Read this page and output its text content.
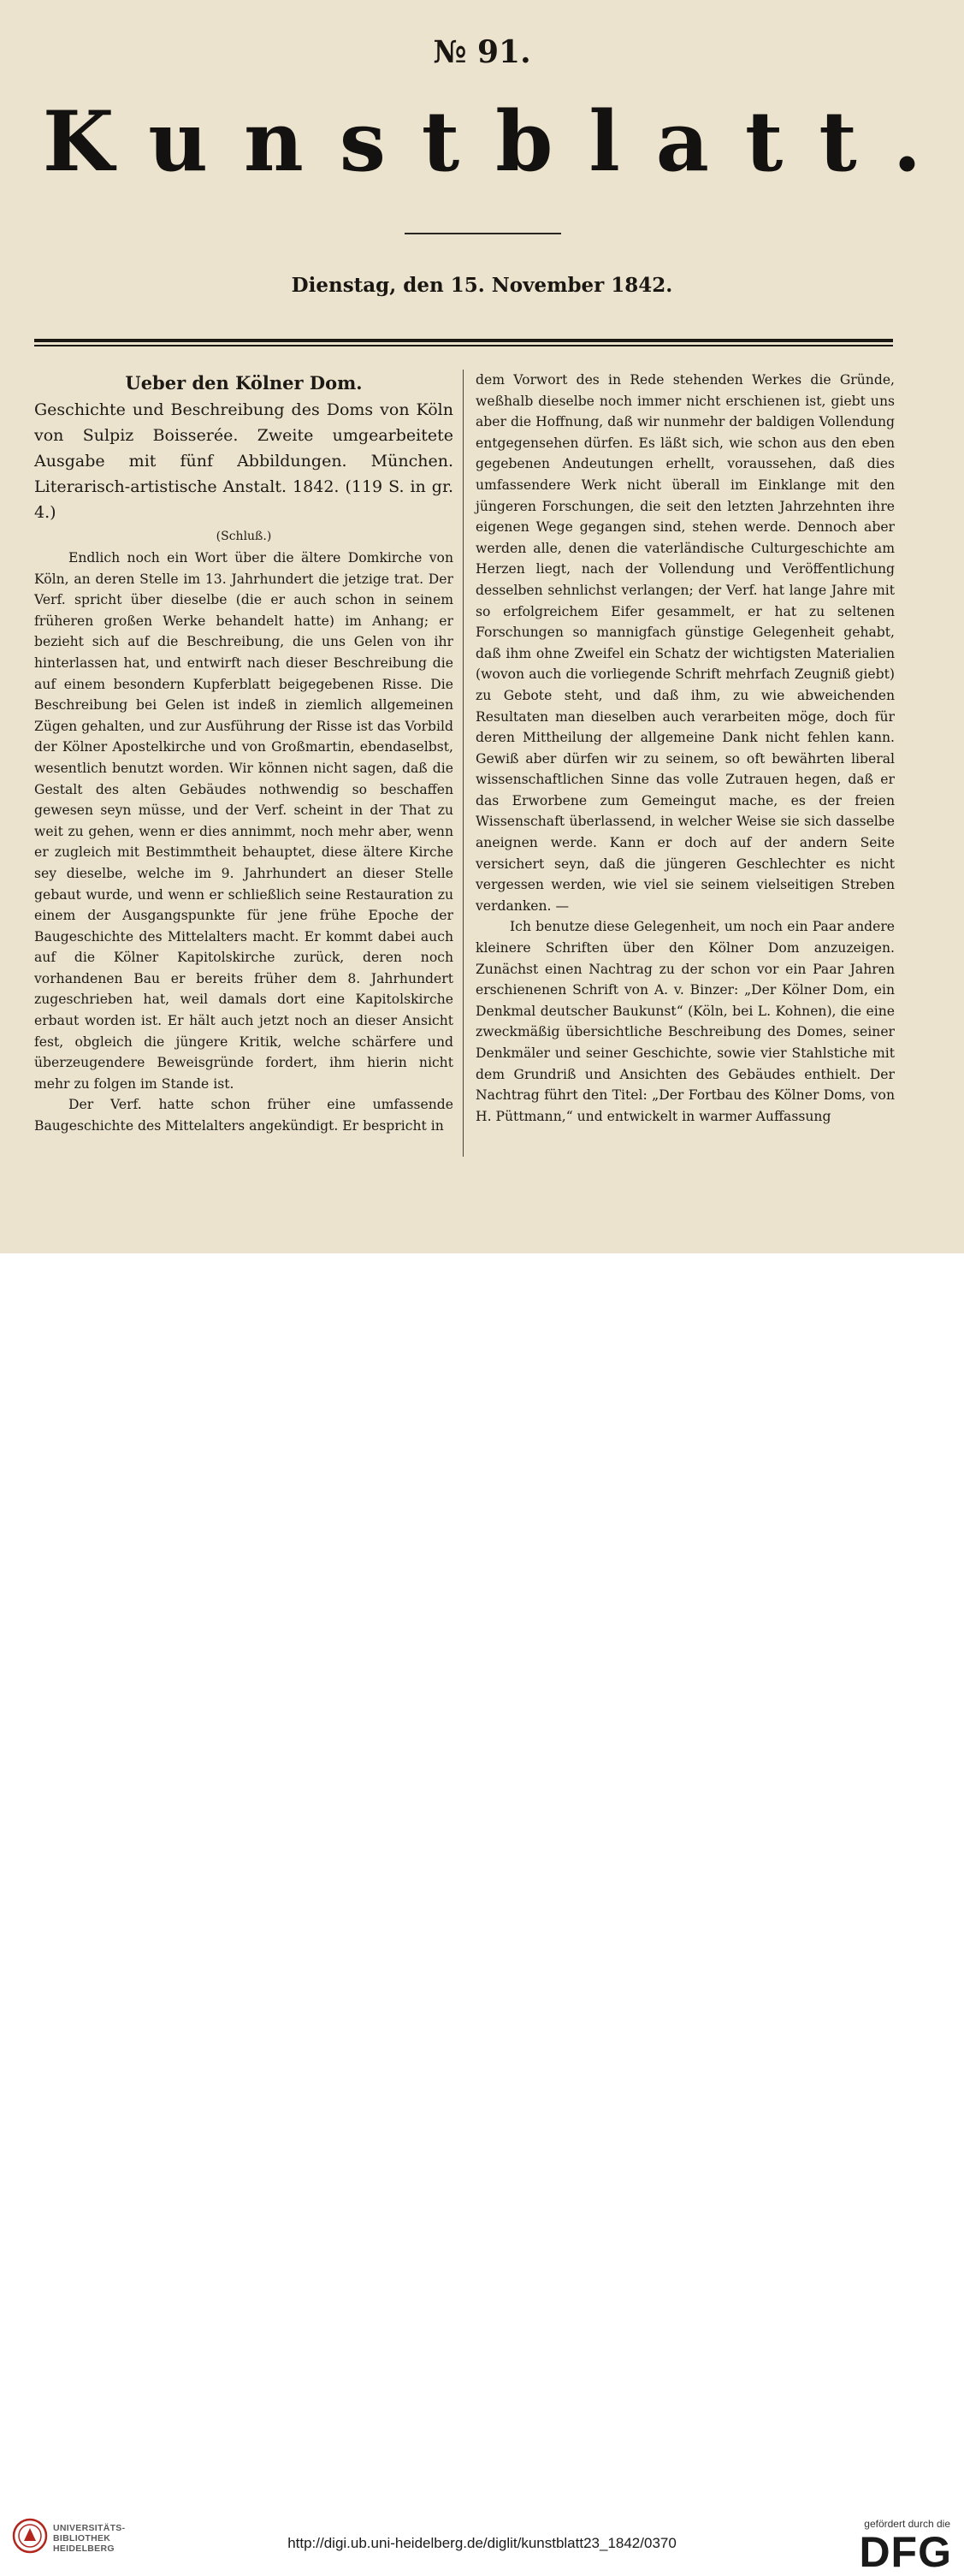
№ 91.
Kunstblatt.
Dienstag, den 15. November 1842.

Ueber den Kölner Dom.

Geschichte und Beschreibung des Doms von Köln von Sulpiz Boisserée. Zweite umgearbeitete Ausgabe mit fünf Abbildungen. München. Literarisch-artistische Anstalt. 1842. (119 S. in gr. 4.)

(Schluß.)

Endlich noch ein Wort über die ältere Domkirche von Köln, an deren Stelle im 13. Jahrhundert die jetzige trat. Der Verf. spricht über dieselbe (die er auch schon in seinem früheren großen Werke behandelt hatte) im Anhang; er bezieht sich auf die Beschreibung, die uns Gelen von ihr hinterlassen hat, und entwirft nach dieser Beschreibung die auf einem besondern Kupferblatt beigegebenen Risse. Die Beschreibung bei Gelen ist indeß in ziemlich allgemeinen Zügen gehalten, und zur Ausführung der Risse ist das Vorbild der Kölner Apostelkirche und von Großmartin, ebendaselbst, wesentlich benutzt worden. Wir können nicht sagen, daß die Gestalt des alten Gebäudes nothwendig so beschaffen gewesen seyn müsse, und der Verf. scheint in der That zu weit zu gehen, wenn er dies annimmt, noch mehr aber, wenn er zugleich mit Bestimmtheit behauptet, diese ältere Kirche sey dieselbe, welche im 9. Jahrhundert an dieser Stelle gebaut wurde, und wenn er schließlich seine Restauration zu einem der Ausgangspunkte für jene frühe Epoche der Baugeschichte des Mittelalters macht. Er kommt dabei auch auf die Kölner Kapitolskirche zurück, deren noch vorhandenen Bau er bereits früher dem 8. Jahrhundert zugeschrieben hat, weil damals dort eine Kapitolskirche erbaut worden ist. Er hält auch jetzt noch an dieser Ansicht fest, obgleich die jüngere Kritik, welche schärfere und überzeugendere Beweisgründe fordert, ihm hierin nicht mehr zu folgen im Stande ist.

Der Verf. hatte schon früher eine umfassende Baugeschichte des Mittelalters angekündigt. Er bespricht in

dem Vorwort des in Rede stehenden Werkes die Gründe, weßhalb dieselbe noch immer nicht erschienen ist, giebt uns aber die Hoffnung, daß wir nunmehr der baldigen Vollendung entgegensehen dürfen. Es läßt sich, wie schon aus den eben gegebenen Andeutungen erhellt, voraussehen, daß dies umfassendere Werk nicht überall im Einklange mit den jüngeren Forschungen, die seit den letzten Jahrzehnten ihre eigenen Wege gegangen sind, stehen werde. Dennoch aber werden alle, denen die vaterländische Culturgeschichte am Herzen liegt, nach der Vollendung und Veröffentlichung desselben sehnlichst verlangen; der Verf. hat lange Jahre mit so erfolgreichem Eifer gesammelt, er hat zu seltenen Forschungen so mannigfach günstige Gelegenheit gehabt, daß ihm ohne Zweifel ein Schatz der wichtigsten Materialien (wovon auch die vorliegende Schrift mehrfach Zeugniß giebt) zu Gebote steht, und daß ihm, zu wie abweichenden Resultaten man dieselben auch verarbeiten möge, doch für deren Mittheilung der allgemeine Dank nicht fehlen kann. Gewiß aber dürfen wir zu seinem, so oft bewährten liberal wissenschaftlichen Sinne das volle Zutrauen hegen, daß er das Erworbene zum Gemeingut mache, es der freien Wissenschaft überlassend, in welcher Weise sie sich dasselbe aneignen werde. Kann er doch auf der andern Seite versichert seyn, daß die jüngeren Geschlechter es nicht vergessen werden, wie viel sie seinem vielseitigen Streben verdanken. —

Ich benutze diese Gelegenheit, um noch ein Paar andere kleinere Schriften über den Kölner Dom anzuzeigen. Zunächst einen Nachtrag zu der schon vor ein Paar Jahren erschienenen Schrift von A. v. Binzer: „Der Kölner Dom, ein Denkmal deutscher Baukunst“ (Köln, bei L. Kohnen), die eine zweckmäßig übersichtliche Beschreibung des Domes, seiner Denkmäler und seiner Geschichte, sowie vier Stahlstiche mit dem Grundriß und Ansichten des Gebäudes enthielt. Der Nachtrag führt den Titel: „Der Fortbau des Kölner Doms, von H. Püttmann,“ und entwickelt in warmer Auffassung

UNIVERSITÄTS-
BIBLIOTHEK
HEIDELBERG	http://digi.ub.uni-heidelberg.de/diglit/kunstblatt23_1842/0370
gefördert durch die
DFG
